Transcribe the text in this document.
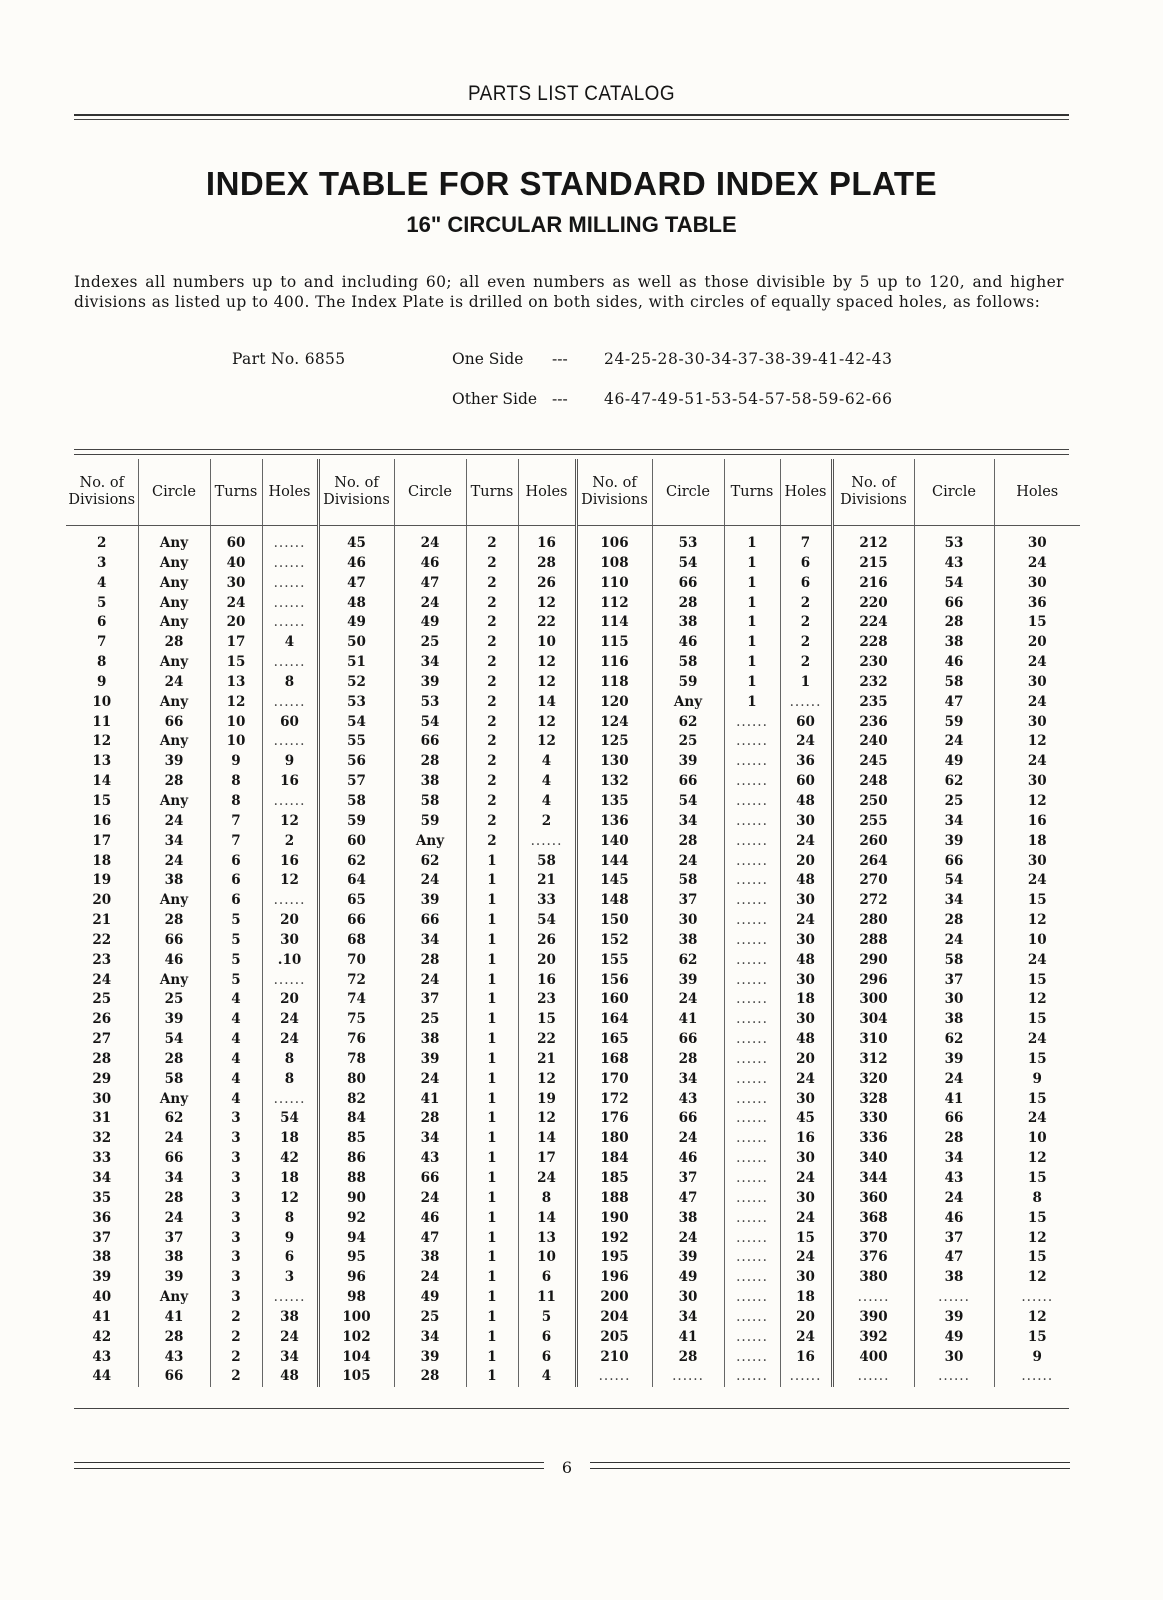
PARTS LIST CATALOG
INDEX TABLE FOR STANDARD INDEX PLATE
16" CIRCULAR MILLING TABLE
Indexes all numbers up to and including 60; all even numbers as well as those divisible by 5 up to 120, and higher divisions as listed up to 400. The Index Plate is drilled on both sides, with circles of equally spaced holes, as follows:
Part No. 6855	One Side --- 24-25-28-30-34-37-38-39-41-42-43
Other Side --- 46-47-49-51-53-54-57-58-59-62-66
No. of Divisions	Circle	Turns	Holes	No. of Divisions	Circle	Turns	Holes	No. of Divisions	Circle	Turns	Holes	No. of Divisions	Circle	Holes
2	Any	60	......	45	24	2	16	106	53	1	7	212	53	30
3	Any	40	......	46	46	2	28	108	54	1	6	215	43	24
4	Any	30	......	47	47	2	26	110	66	1	6	216	54	30
5	Any	24	......	48	24	2	12	112	28	1	2	220	66	36
6	Any	20	......	49	49	2	22	114	38	1	2	224	28	15
7	28	17	4	50	25	2	10	115	46	1	2	228	38	20
8	Any	15	......	51	34	2	12	116	58	1	2	230	46	24
9	24	13	8	52	39	2	12	118	59	1	1	232	58	30
10	Any	12	......	53	53	2	14	120	Any	1	......	235	47	24
11	66	10	60	54	54	2	12	124	62	......	60	236	59	30
12	Any	10	......	55	66	2	12	125	25	......	24	240	24	12
13	39	9	9	56	28	2	4	130	39	......	36	245	49	24
14	28	8	16	57	38	2	4	132	66	......	60	248	62	30
15	Any	8	......	58	58	2	4	135	54	......	48	250	25	12
16	24	7	12	59	59	2	2	136	34	......	30	255	34	16
17	34	7	2	60	Any	2	......	140	28	......	24	260	39	18
18	24	6	16	62	62	1	58	144	24	......	20	264	66	30
19	38	6	12	64	24	1	21	145	58	......	48	270	54	24
20	Any	6	......	65	39	1	33	148	37	......	30	272	34	15
21	28	5	20	66	66	1	54	150	30	......	24	280	28	12
22	66	5	30	68	34	1	26	152	38	......	30	288	24	10
23	46	5	.10	70	28	1	20	155	62	......	48	290	58	24
24	Any	5	......	72	24	1	16	156	39	......	30	296	37	15
25	25	4	20	74	37	1	23	160	24	......	18	300	30	12
26	39	4	24	75	25	1	15	164	41	......	30	304	38	15
27	54	4	24	76	38	1	22	165	66	......	48	310	62	24
28	28	4	8	78	39	1	21	168	28	......	20	312	39	15
29	58	4	8	80	24	1	12	170	34	......	24	320	24	9
30	Any	4	......	82	41	1	19	172	43	......	30	328	41	15
31	62	3	54	84	28	1	12	176	66	......	45	330	66	24
32	24	3	18	85	34	1	14	180	24	......	16	336	28	10
33	66	3	42	86	43	1	17	184	46	......	30	340	34	12
34	34	3	18	88	66	1	24	185	37	......	24	344	43	15
35	28	3	12	90	24	1	8	188	47	......	30	360	24	8
36	24	3	8	92	46	1	14	190	38	......	24	368	46	15
37	37	3	9	94	47	1	13	192	24	......	15	370	37	12
38	38	3	6	95	38	1	10	195	39	......	24	376	47	15
39	39	3	3	96	24	1	6	196	49	......	30	380	38	12
40	Any	3	......	98	49	1	11	200	30	......	18	......	......	......
41	41	2	38	100	25	1	5	204	34	......	20	390	39	12
42	28	2	24	102	34	1	6	205	41	......	24	392	49	15
43	43	2	34	104	39	1	6	210	28	......	16	400	30	9
44	66	2	48	105	28	1	4	......	......	......	......	......	......	......
6
